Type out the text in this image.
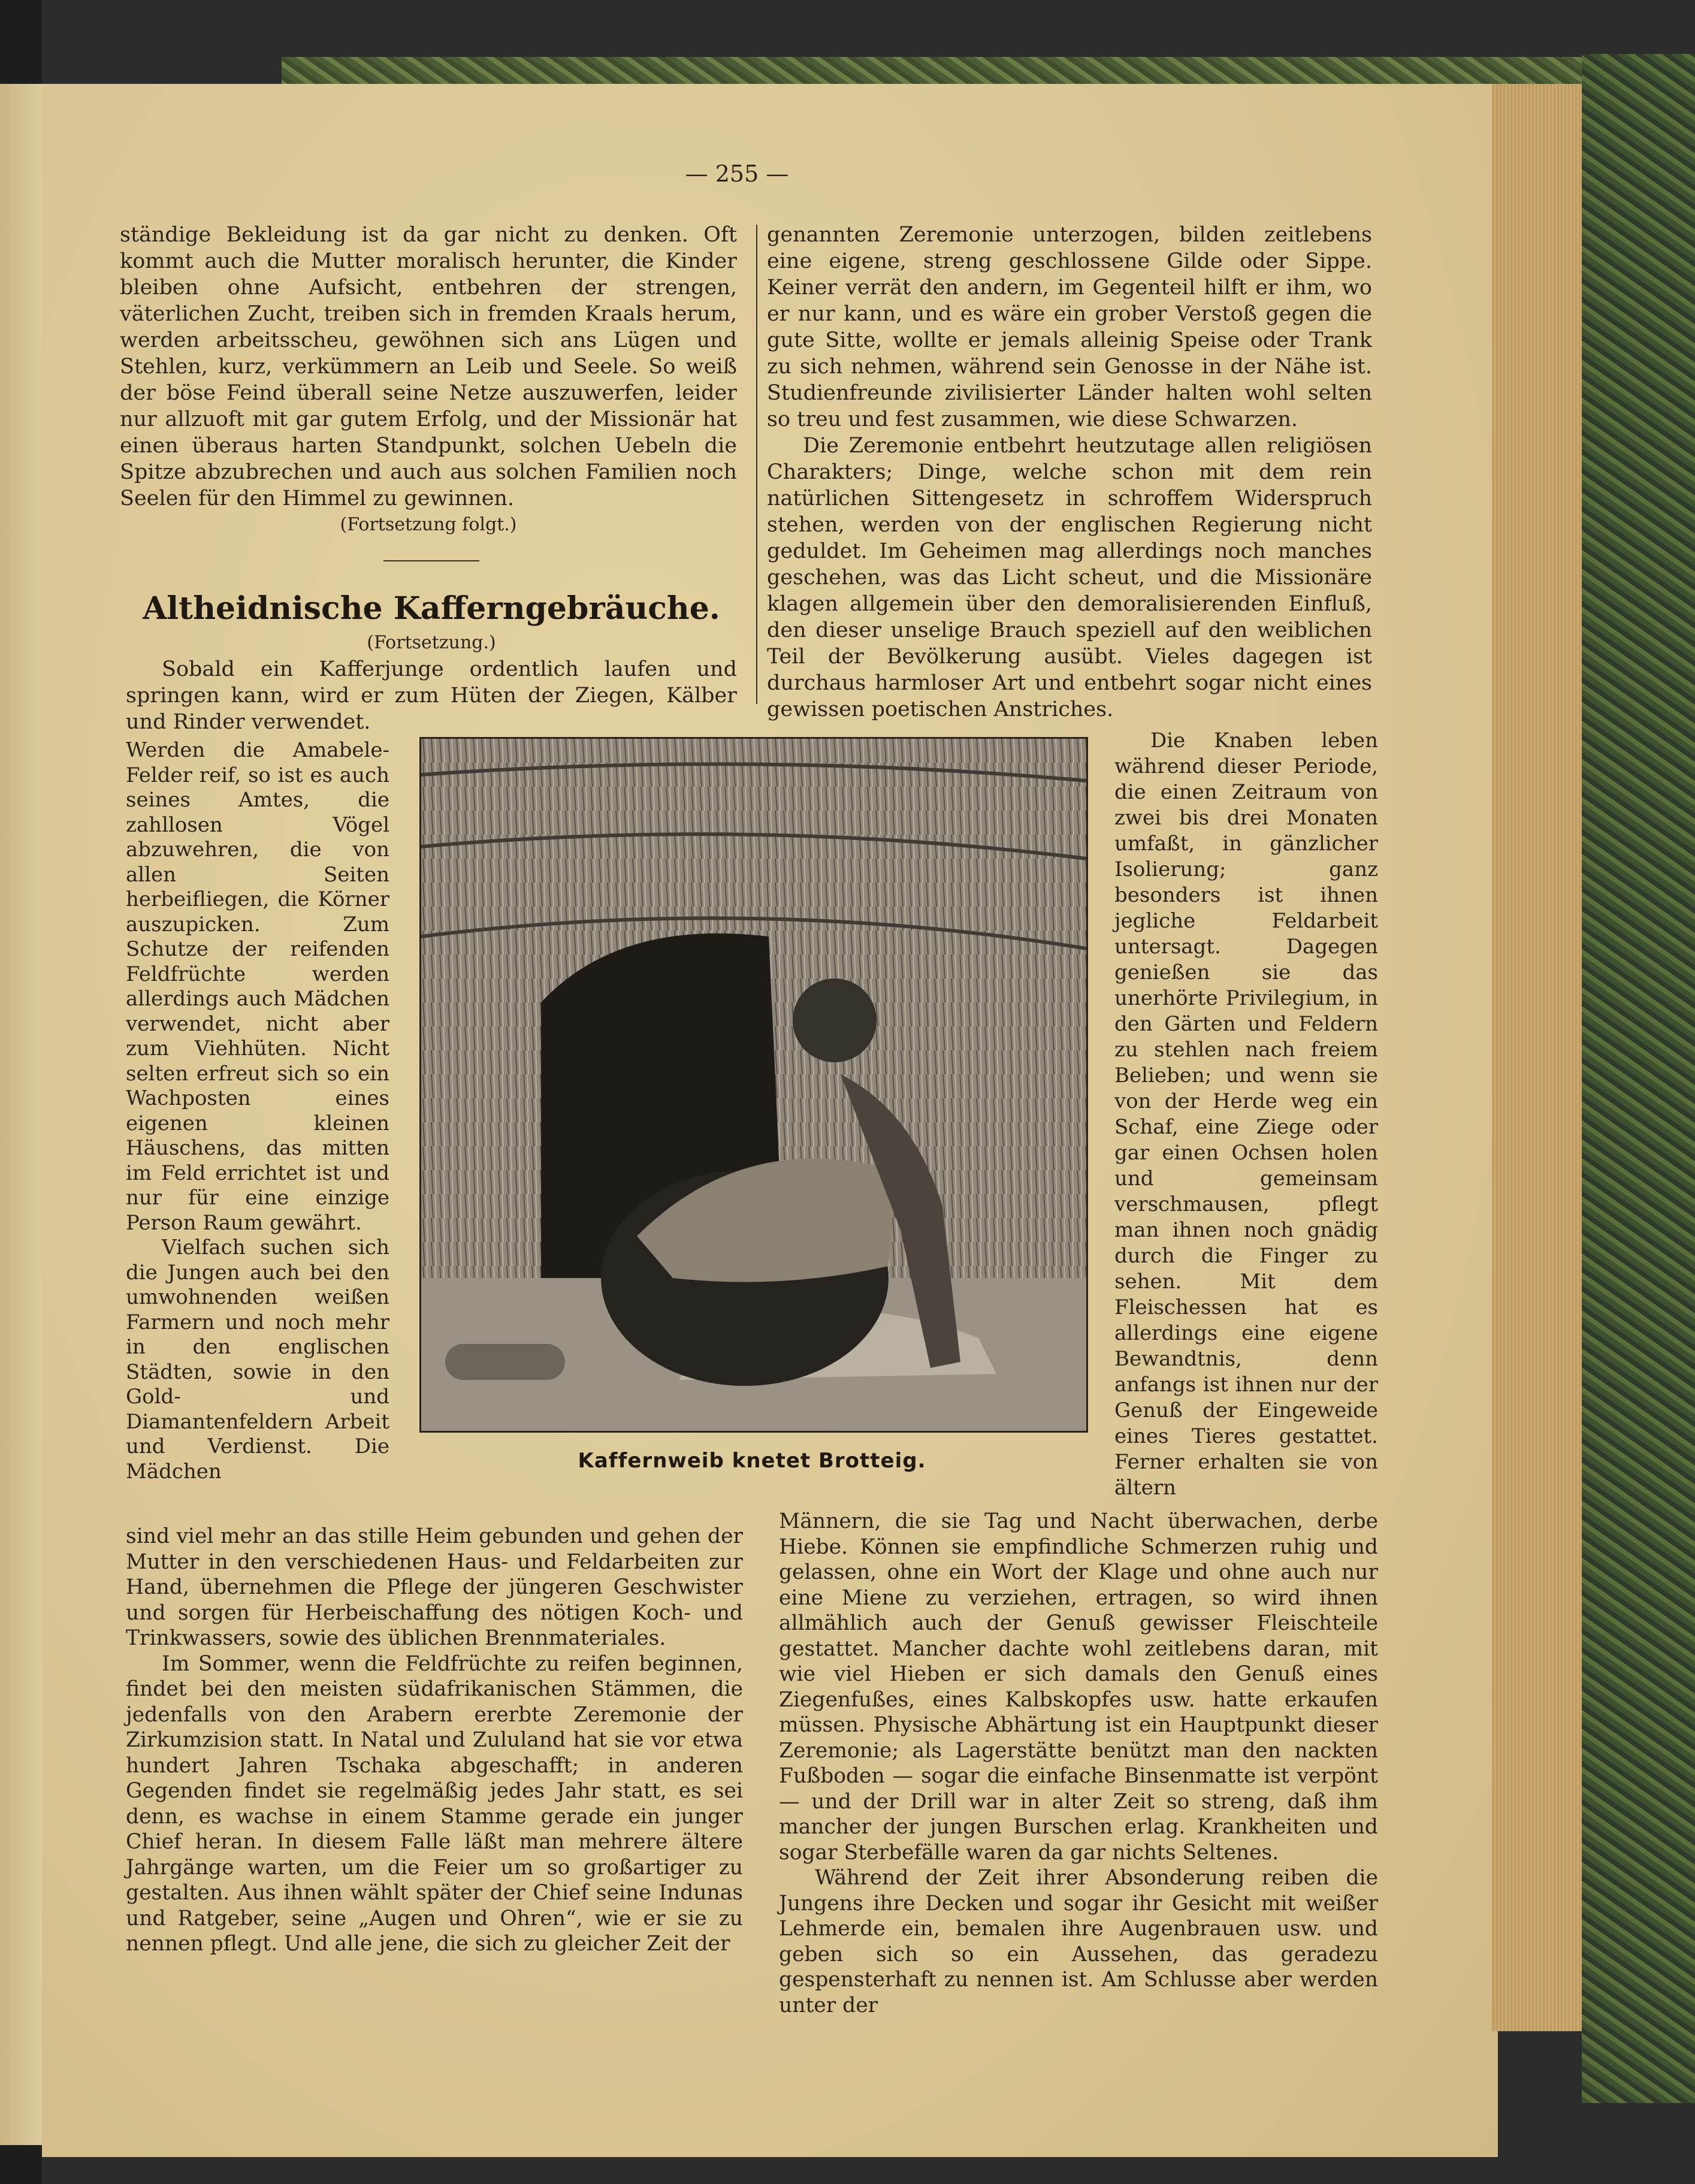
— 255 —

ständige Bekleidung ist da gar nicht zu denken. Oft kommt auch die Mutter moralisch herunter, die Kinder bleiben ohne Aufsicht, entbehren der strengen, väterlichen Zucht, treiben sich in fremden Kraals herum, werden arbeitsscheu, gewöhnen sich ans Lügen und Stehlen, kurz, verkümmern an Leib und Seele. So weiß der böse Feind überall seine Netze auszuwerfen, leider nur allzuoft mit gar gutem Erfolg, und der Missionär hat einen überaus harten Standpunkt, solchen Uebeln die Spitze abzubrechen und auch aus solchen Familien noch Seelen für den Himmel zu gewinnen.

(Fortsetzung folgt.)

Altheidnische Kafferngebräuche.
(Fortsetzung.)

Sobald ein Kafferjunge ordentlich laufen und springen kann, wird er zum Hüten der Ziegen, Kälber und Rinder verwendet.

Werden die Amabele-Felder reif, so ist es auch seines Amtes, die zahllosen Vögel abzuwehren, die von allen Seiten herbeifliegen, die Körner auszupicken. Zum Schutze der reifenden Feldfrüchte werden allerdings auch Mädchen verwendet, nicht aber zum Viehhüten. Nicht selten erfreut sich so ein Wachposten eines eigenen kleinen Häuschens, das mitten im Feld errichtet ist und nur für eine einzige Person Raum gewährt.

Vielfach suchen sich die Jungen auch bei den umwohnenden weißen Farmern und noch mehr in den englischen Städten, sowie in den Gold- und Diamantenfeldern Arbeit und Verdienst. Die Mädchen	Kaffernweib knetet Brotteig.

sind viel mehr an das stille Heim gebunden und gehen der Mutter in den verschiedenen Haus- und Feldarbeiten zur Hand, übernehmen die Pflege der jüngeren Geschwister und sorgen für Herbeischaffung des nötigen Koch- und Trinkwassers, sowie des üblichen Brennmateriales.

Im Sommer, wenn die Feldfrüchte zu reifen beginnen, findet bei den meisten südafrikanischen Stämmen, die jedenfalls von den Arabern ererbte Zeremonie der Zirkumzision statt. In Natal und Zululand hat sie vor etwa hundert Jahren Tschaka abgeschafft; in anderen Gegenden findet sie regelmäßig jedes Jahr statt, es sei denn, es wachse in einem Stamme gerade ein junger Chief heran. In diesem Falle läßt man mehrere ältere Jahrgänge warten, um die Feier um so großartiger zu gestalten. Aus ihnen wählt später der Chief seine Indunas und Ratgeber, seine „Augen und Ohren“, wie er sie zu nennen pflegt. Und alle jene, die sich zu gleicher Zeit der

genannten Zeremonie unterzogen, bilden zeitlebens eine eigene, streng geschlossene Gilde oder Sippe. Keiner verrät den andern, im Gegenteil hilft er ihm, wo er nur kann, und es wäre ein grober Verstoß gegen die gute Sitte, wollte er jemals alleinig Speise oder Trank zu sich nehmen, während sein Genosse in der Nähe ist. Studienfreunde zivilisierter Länder halten wohl selten so treu und fest zusammen, wie diese Schwarzen.

Die Zeremonie entbehrt heutzutage allen religiösen Charakters; Dinge, welche schon mit dem rein natürlichen Sittengesetz in schroffem Widerspruch stehen, werden von der englischen Regierung nicht geduldet. Im Geheimen mag allerdings noch manches geschehen, was das Licht scheut, und die Missionäre klagen allgemein über den demoralisierenden Einfluß, den dieser unselige Brauch speziell auf den weiblichen Teil der Bevölkerung ausübt. Vieles dagegen ist durchaus harmloser Art und entbehrt sogar nicht eines gewissen poetischen Anstriches.

Die Knaben leben während dieser Periode, die einen Zeitraum von zwei bis drei Monaten umfaßt, in gänzlicher Isolierung; ganz besonders ist ihnen jegliche Feldarbeit untersagt. Dagegen genießen sie das unerhörte Privilegium, in den Gärten und Feldern zu stehlen nach freiem Belieben; und wenn sie von der Herde weg ein Schaf, eine Ziege oder gar einen Ochsen holen und gemeinsam verschmausen, pflegt man ihnen noch gnädig durch die Finger zu sehen. Mit dem Fleischessen hat es allerdings eine eigene Bewandtnis, denn anfangs ist ihnen nur der Genuß der Eingeweide eines Tieres gestattet. Ferner erhalten sie von ältern

Männern, die sie Tag und Nacht überwachen, derbe Hiebe. Können sie empfindliche Schmerzen ruhig und gelassen, ohne ein Wort der Klage und ohne auch nur eine Miene zu verziehen, ertragen, so wird ihnen allmählich auch der Genuß gewisser Fleischteile gestattet. Mancher dachte wohl zeitlebens daran, mit wie viel Hieben er sich damals den Genuß eines Ziegenfußes, eines Kalbskopfes usw. hatte erkaufen müssen. Physische Abhärtung ist ein Hauptpunkt dieser Zeremonie; als Lagerstätte benützt man den nackten Fußboden — sogar die einfache Binsenmatte ist verpönt — und der Drill war in alter Zeit so streng, daß ihm mancher der jungen Burschen erlag. Krankheiten und sogar Sterbefälle waren da gar nichts Seltenes.

Während der Zeit ihrer Absonderung reiben die Jungens ihre Decken und sogar ihr Gesicht mit weißer Lehmerde ein, bemalen ihre Augenbrauen usw. und geben sich so ein Aussehen, das geradezu gespensterhaft zu nennen ist. Am Schlusse aber werden unter der
